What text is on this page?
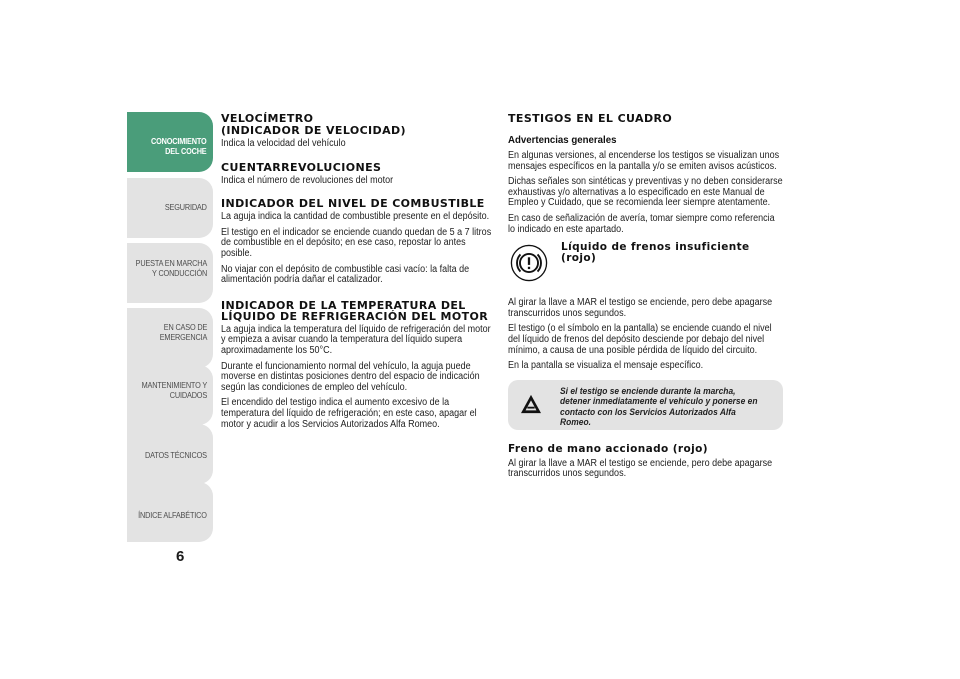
CONOCIMIENTO
DEL COCHE
SEGURIDAD
PUESTA EN MARCHA
Y CONDUCCIÓN
EN CASO DE
EMERGENCIA
MANTENIMIENTO Y
CUIDADOS
DATOS TÉCNICOS
ÍNDICE ALFABÉTICO
6
VELOCÍMETRO
(INDICADOR DE VELOCIDAD)

Indica la velocidad del vehículo

CUENTARREVOLUCIONES

Indica el número de revoluciones del motor

INDICADOR DEL NIVEL DE COMBUSTIBLE

La aguja indica la cantidad de combustible presente en el depósito.

El testigo en el indicador se enciende cuando quedan de 5 a 7 litros de combustible en el depósito; en ese caso, repostar lo antes posible.

No viajar con el depósito de combustible casi vacío: la falta de alimentación podría dañar el catalizador.

INDICADOR DE LA TEMPERATURA DEL LÍQUIDO DE REFRIGERACIÓN DEL MOTOR

La aguja indica la temperatura del líquido de refrigeración del motor y empieza a avisar cuando la temperatura del líquido supera aproximadamente los 50°C.

Durante el funcionamiento normal del vehículo, la aguja puede moverse en distintas posiciones dentro del espacio de indicación según las condiciones de empleo del vehículo.

El encendido del testigo indica el aumento excesivo de la temperatura del líquido de refrigeración; en este caso, apagar el motor y acudir a los Servicios Autorizados Alfa Romeo.

TESTIGOS EN EL CUADRO
Advertencias generales

En algunas versiones, al encenderse los testigos se visualizan unos mensajes específicos en la pantalla y/o se emiten avisos acústicos.

Dichas señales son sintéticas y preventivas y no deben considerarse exhaustivas y/o alternativas a lo especificado en este Manual de Empleo y Cuidado, que se recomienda leer siempre atentamente.

En caso de señalización de avería, tomar siempre como referencia lo indicado en este apartado.

Líquido de frenos insuficiente (rojo)

Al girar la llave a MAR el testigo se enciende, pero debe apagarse transcurridos unos segundos.

El testigo (o el símbolo en la pantalla) se enciende cuando el nivel del líquido de frenos del depósito desciende por debajo del nivel mínimo, a causa de una posible pérdida de líquido del circuito.

En la pantalla se visualiza el mensaje específico.

Si el testigo se enciende durante la marcha, detener inmediatamente el vehículo y ponerse en contacto con los Servicios Autorizados Alfa Romeo.
Freno de mano accionado (rojo)

Al girar la llave a MAR el testigo se enciende, pero debe apagarse transcurridos unos segundos.
